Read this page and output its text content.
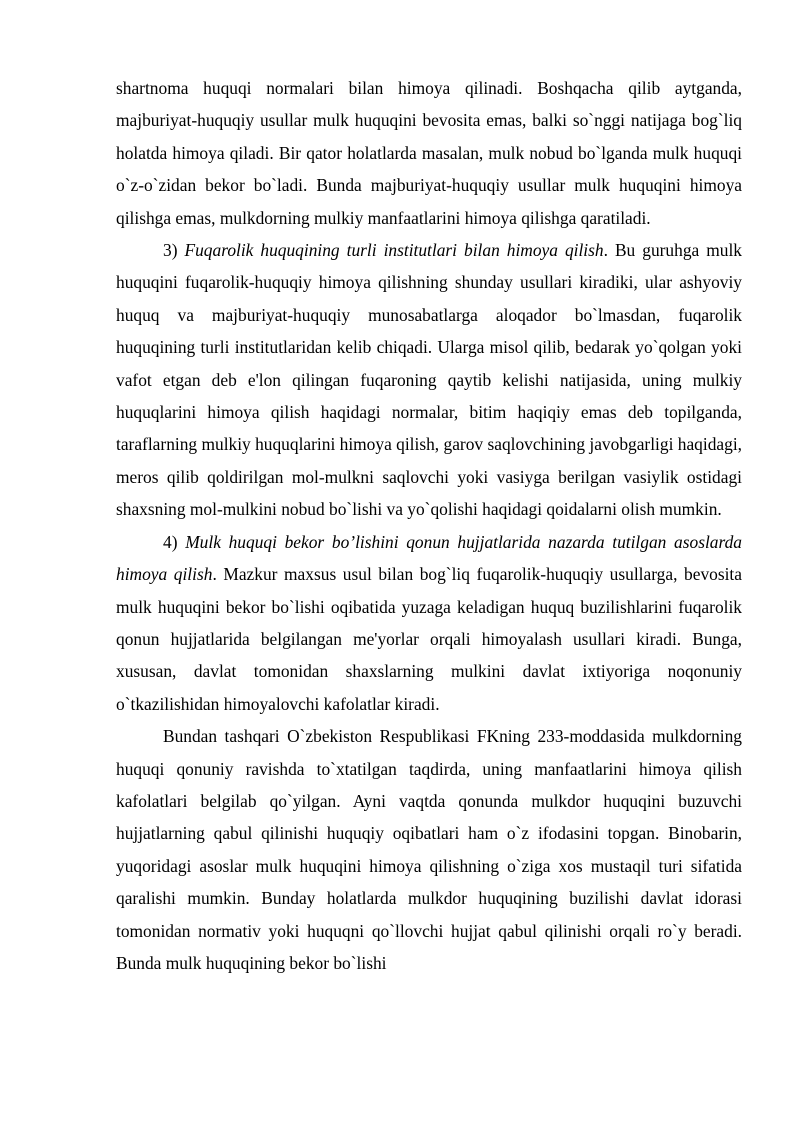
shartnoma huquqi normalari bilan himoya qilinadi. Boshqacha qilib aytganda, majburiyat-huquqiy usullar mulk huquqini bevosita emas, balki so`nggi natijaga bog`liq holatda himoya qiladi. Bir qator holatlarda masalan, mulk nobud bo`lganda mulk huquqi o`z-o`zidan bekor bo`ladi. Bunda majburiyat-huquqiy usullar mulk huquqini himoya qilishga emas, mulkdorning mulkiy manfaatlarini himoya qilishga qaratiladi.

3) Fuqarolik huquqining turli institutlari bilan himoya qilish. Bu guruhga mulk huquqini fuqarolik-huquqiy himoya qilishning shunday usullari kiradiki, ular ashyoviy huquq va majburiyat-huquqiy munosabatlarga aloqador bo`lmasdan, fuqarolik huquqining turli institutlaridan kelib chiqadi. Ularga misol qilib, bedarak yo`qolgan yoki vafot etgan deb e'lon qilingan fuqaroning qaytib kelishi natijasida, uning mulkiy huquqlarini himoya qilish haqidagi normalar, bitim haqiqiy emas deb topilganda, taraflarning mulkiy huquqlarini himoya qilish, garov saqlovchining javobgarligi haqidagi, meros qilib qoldirilgan mol-mulkni saqlovchi yoki vasiyga berilgan vasiylik ostidagi shaxsning mol-mulkini nobud bo`lishi va yo`qolishi haqidagi qoidalarni olish mumkin.

4) Mulk huquqi bekor bo’lishini qonun hujjatlarida nazarda tutilgan asoslarda himoya qilish. Mazkur maxsus usul bilan bog`liq fuqarolik-huquqiy usullarga, bevosita mulk huquqini bekor bo`lishi oqibatida yuzaga keladigan huquq buzilishlarini fuqarolik qonun hujjatlarida belgilangan me'yorlar orqali himoyalash usullari kiradi. Bunga, xususan, davlat tomonidan shaxslarning mulkini davlat ixtiyoriga noqonuniy o`tkazilishidan himoyalovchi kafolatlar kiradi.

Bundan tashqari O`zbekiston Respublikasi FKning 233-moddasida mulkdorning huquqi qonuniy ravishda to`xtatilgan taqdirda, uning manfaatlarini himoya qilish kafolatlari belgilab qo`yilgan. Ayni vaqtda qonunda mulkdor huquqini buzuvchi hujjatlarning qabul qilinishi huquqiy oqibatlari ham o`z ifodasini topgan. Binobarin, yuqoridagi asoslar mulk huquqini himoya qilishning o`ziga xos mustaqil turi sifatida qaralishi mumkin. Bunday holatlarda mulkdor huquqining buzilishi davlat idorasi tomonidan normativ yoki huquqni qo`llovchi hujjat qabul qilinishi orqali ro`y beradi. Bunda mulk huquqining bekor bo`lishi
